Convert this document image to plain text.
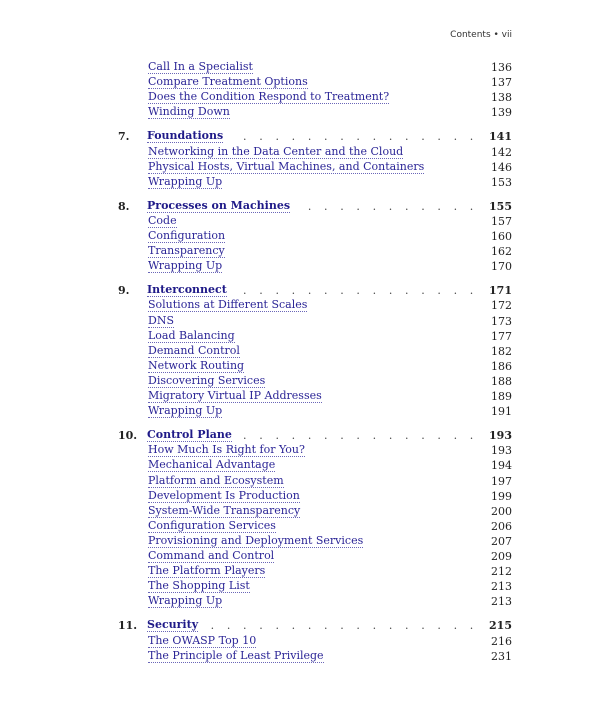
Contents • vii
Call In a Specialist	136
Compare Treatment Options	137
Does the Condition Respond to Treatment?	138
Winding Down	139
7. Foundations ............... 141
Networking in the Data Center and the Cloud	142
Physical Hosts, Virtual Machines, and Containers	146
Wrapping Up	153
8. Processes on Machines ........... 155
Code	157
Configuration	160
Transparency	162
Wrapping Up	170
9. Interconnect ............... 171
Solutions at Different Scales	172
DNS	173
Load Balancing	177
Demand Control	182
Network Routing	186
Discovering Services	188
Migratory Virtual IP Addresses	189
Wrapping Up	191
10. Control Plane ............... 193
How Much Is Right for You?	193
Mechanical Advantage	194
Platform and Ecosystem	197
Development Is Production	199
System-Wide Transparency	200
Configuration Services	206
Provisioning and Deployment Services	207
Command and Control	209
The Platform Players	212
The Shopping List	213
Wrapping Up	213
11. Security ................. 215
The OWASP Top 10	216
The Principle of Least Privilege	231
